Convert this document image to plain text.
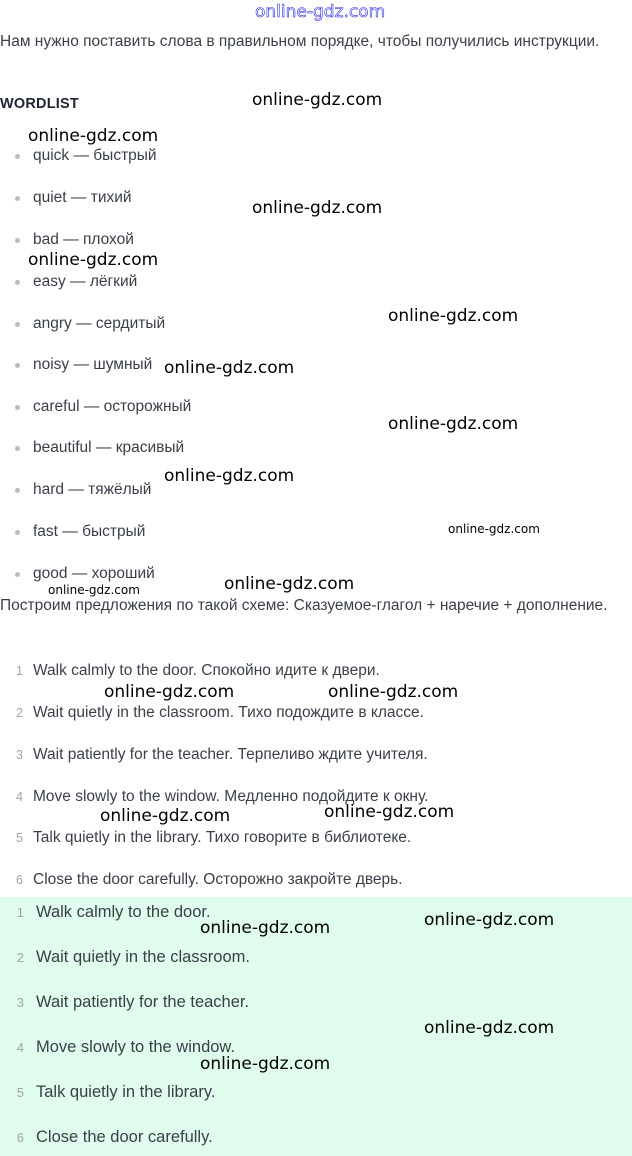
online-gdz.com
Нам нужно поставить слова в правильном порядке, чтобы получились инструкции.
WORDLIST
quick — быстрый
quiet — тихий
bad — плохой
easy — лёгкий
angry — сердитый
noisy — шумный
careful — осторожный
beautiful — красивый
hard — тяжёлый
fast — быстрый
good — хороший
Построим предложения по такой схеме: Сказуемое-глагол + наречие + дополнение.
1 Walk calmly to the door. Спокойно идите к двери.
2 Wait quietly in the classroom. Тихо подождите в классе.
3 Wait patiently for the teacher. Терпеливо ждите учителя.
4 Move slowly to the window. Медленно подойдите к окну.
5 Talk quietly in the library. Тихо говорите в библиотеке.
6 Close the door carefully. Осторожно закройте дверь.
1 Walk calmly to the door.
2 Wait quietly in the classroom.
3 Wait patiently for the teacher.
4 Move slowly to the window.
5 Talk quietly in the library.
6 Close the door carefully.
online-gdz.com
online-gdz.com
online-gdz.com
online-gdz.com
online-gdz.com
online-gdz.com
online-gdz.com
online-gdz.com
online-gdz.com
online-gdz.com
online-gdz.com
online-gdz.com	online-gdz.com
online-gdz.com
online-gdz.com
online-gdz.com
online-gdz.com
online-gdz.com
online-gdz.com
